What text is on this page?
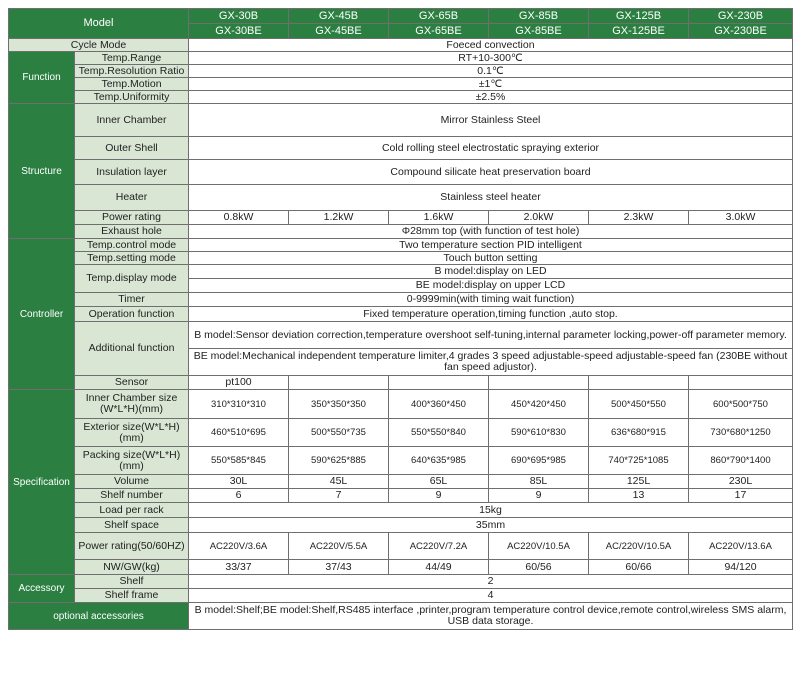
Model		GX-30B	GX-45B	GX-65B	GX-85B	GX-125B	GX-230B
		GX-30BE	GX-45BE	GX-65BE	GX-85BE	GX-125BE	GX-230BE
Cycle Mode		Foeced convection					
Function	Temp.Range	RT+10-300℃					
	Temp.Resolution Ratio	0.1℃					
	Temp.Motion	±1℃					
	Temp.Uniformity	±2.5%					
Structure	Inner Chamber	Mirror Stainless Steel					
	Outer Shell	Cold rolling steel electrostatic spraying exterior					
	Insulation layer	Compound silicate heat preservation board					
	Heater	Stainless steel heater					
	Power rating	0.8kW	1.2kW	1.6kW	2.0kW	2.3kW	3.0kW
	Exhaust hole	Φ28mm top (with function of test hole)					
Controller	Temp.control mode	Two temperature section PID intelligent					
	Temp.setting mode	Touch button setting					
	Temp.display mode	B model:display on LED					
		BE model:display on upper LCD					
	Timer	0-9999min(with timing wait function)					
	Operation function	Fixed temperature operation,timing function ,auto stop.					
	Additional function	B model:Sensor deviation correction,temperature overshoot self-tuning,internal parameter locking,power-off parameter memory.					
		BE model:Mechanical independent temperature limiter,4 grades 3 speed adjustable-speed adjustable-speed fan (230BE without fan speed adjustor).					
	Sensor	pt100					
Specification	Inner Chamber size (W*L*H)(mm)	310*310*310	350*350*350	400*360*450	450*420*450	500*450*550	600*500*750
	Exterior size(W*L*H) (mm)	460*510*695	500*550*735	550*550*840	590*610*830	636*680*915	730*680*1250
	Packing size(W*L*H) (mm)	550*585*845	590*625*885	640*635*985	690*695*985	740*725*1085	860*790*1400
	Volume	30L	45L	65L	85L	125L	230L
	Shelf number	6	7	9	9	13	17
	Load per rack	15kg					
	Shelf space	35mm					
	Power rating(50/60HZ)	AC220V/3.6A	AC220V/5.5A	AC220V/7.2A	AC220V/10.5A	AC/220V/10.5A	AC220V/13.6A
	NW/GW(kg)	33/37	37/43	44/49	60/56	60/66	94/120
Accessory	Shelf	2					
	Shelf frame	4					
optional accessories		B model:Shelf;BE model:Shelf,RS485 interface ,printer,program temperature control device,remote control,wireless SMS alarm, USB data storage.					
